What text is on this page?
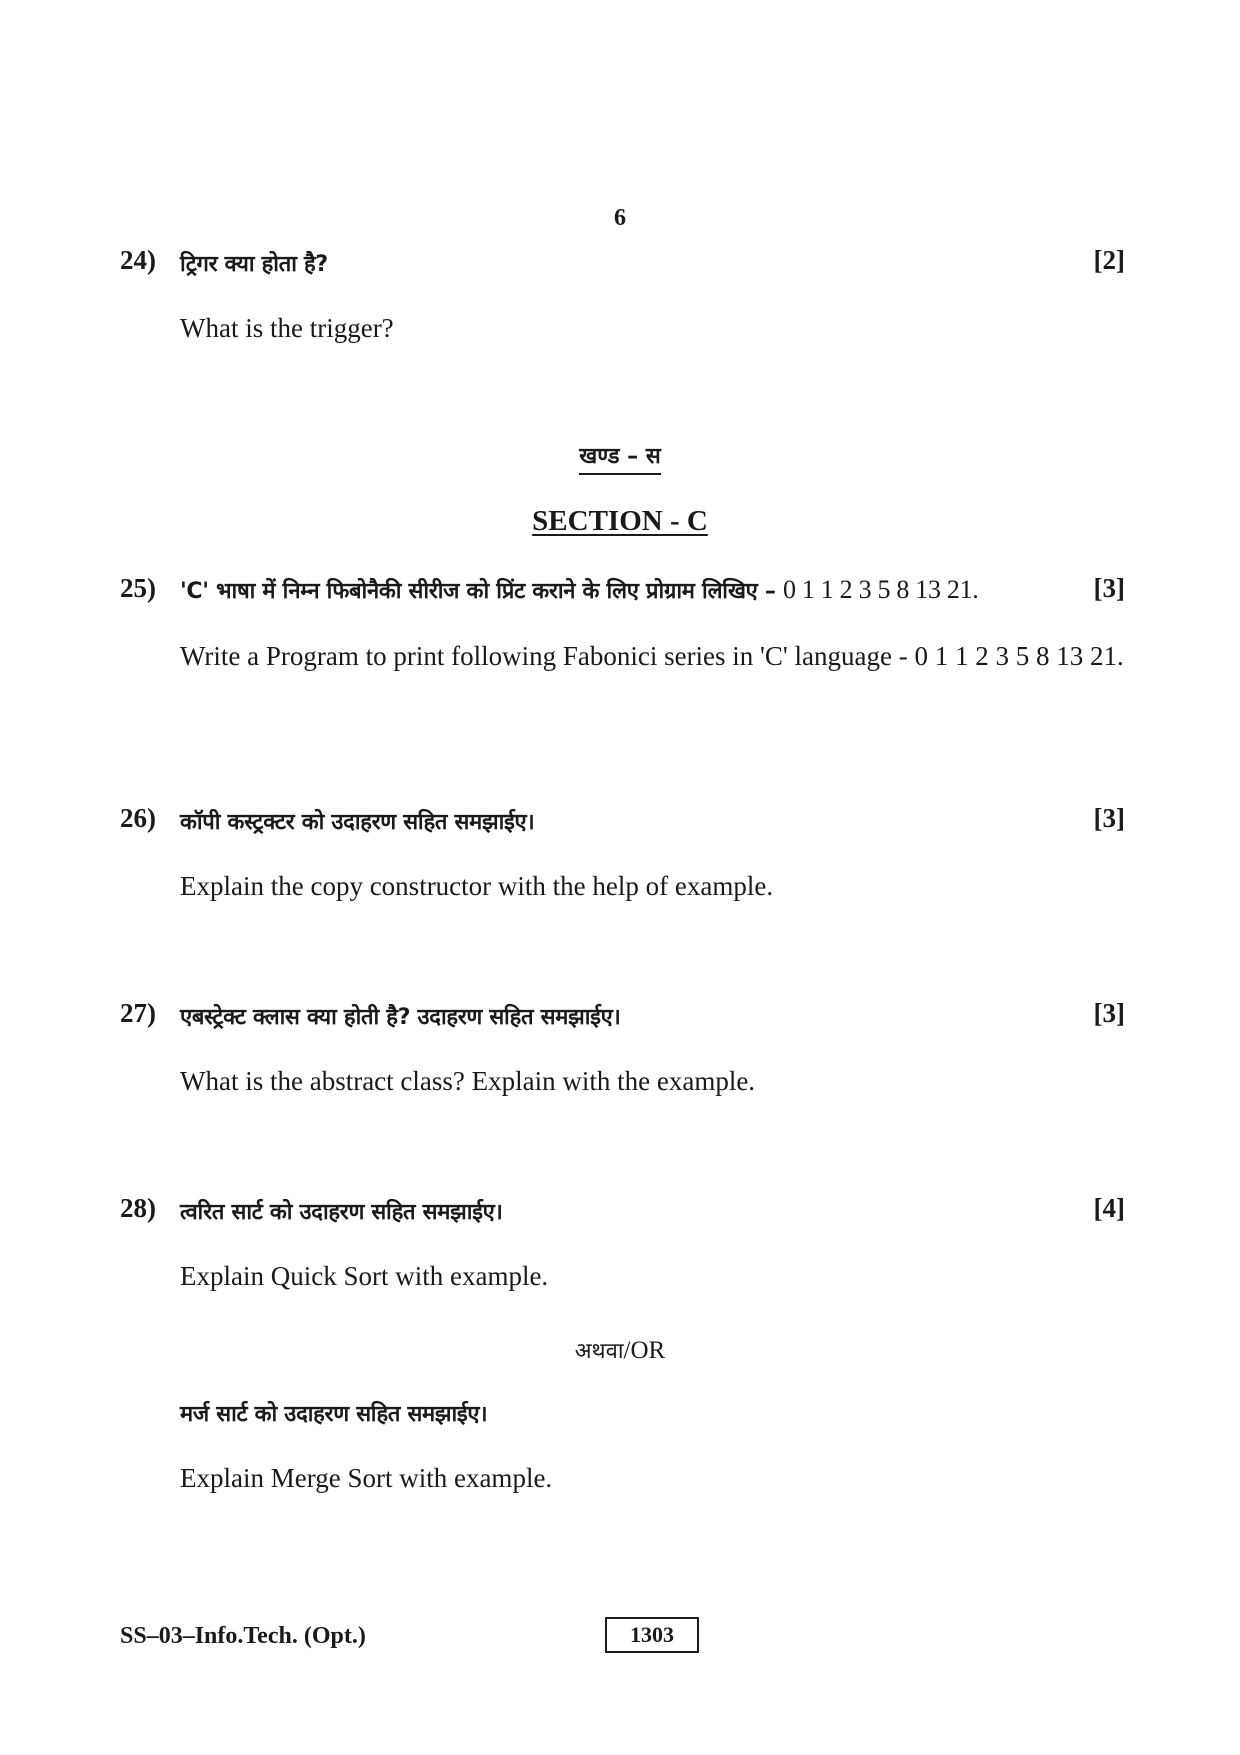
6
24) ट्रिगर क्या होता है?	[2]
What is the trigger?
खण्ड – स
SECTION - C
25) 'C' भाषा में निम्न फिबोनैकी सीरीज को प्रिंट कराने के लिए प्रोग्राम लिखिए – 0 1 1 2 3 5 8 13 21.	[3]
Write a Program to print following Fabonici series in 'C' language - 0 1 1 2 3 5 8 13 21.
26) कॉपी कस्ट्रक्टर को उदाहरण सहित समझाईए।	[3]
Explain the copy constructor with the help of example.
27) एबस्ट्रेक्ट क्लास क्या होती है? उदाहरण सहित समझाईए।	[3]
What is the abstract class? Explain with the example.
28) त्वरित सार्ट को उदाहरण सहित समझाईए।	[4]
Explain Quick Sort with example.
अथवा/OR
मर्ज सार्ट को उदाहरण सहित समझाईए।
Explain Merge Sort with example.
SS–03–Info.Tech. (Opt.)	1303
